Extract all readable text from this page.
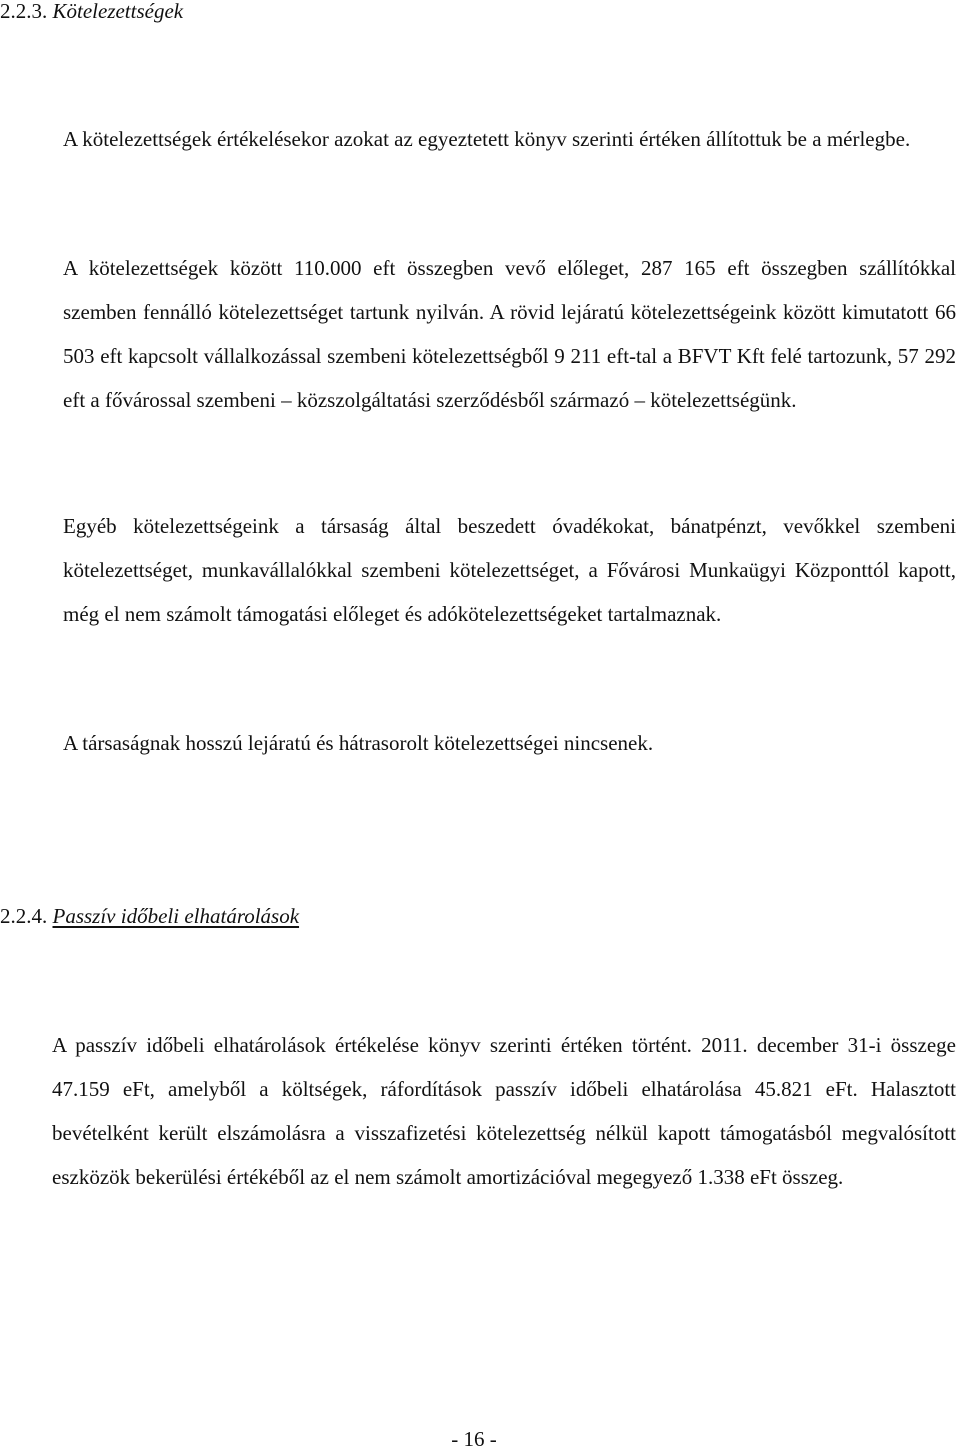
2.2.3. Kötelezettségek

A kötelezettségek értékelésekor azokat az egyeztetett könyv szerinti értéken állítottuk be a mérlegbe.

A kötelezettségek között 110.000 eft összegben vevő előleget, 287 165 eft összegben szállítókkal szemben fennálló kötelezettséget tartunk nyilván. A rövid lejáratú kötelezettségeink között kimutatott 66 503 eft kapcsolt vállalkozással szembeni kötelezettségből 9 211 eft-tal a BFVT Kft felé tartozunk, 57 292 eft a fővárossal szembeni – közszolgáltatási szerződésből származó – kötelezettségünk.

Egyéb kötelezettségeink a társaság által beszedett óvadékokat, bánatpénzt, vevőkkel szembeni kötelezettséget, munkavállalókkal szembeni kötelezettséget, a Fővárosi Munkaügyi Központtól kapott, még el nem számolt támogatási előleget és adókötelezettségeket tartalmaznak.

A társaságnak hosszú lejáratú és hátrasorolt kötelezettségei nincsenek.

2.2.4. Passzív időbeli elhatárolások

A passzív időbeli elhatárolások értékelése könyv szerinti értéken történt. 2011. december 31-i összege 47.159 eFt, amelyből a költségek, ráfordítások passzív időbeli elhatárolása 45.821 eFt. Halasztott bevételként került elszámolásra a visszafizetési kötelezettség nélkül kapott támogatásból megvalósított eszközök bekerülési értékéből az el nem számolt amortizációval megegyező 1.338 eFt összeg.

- 16 -
